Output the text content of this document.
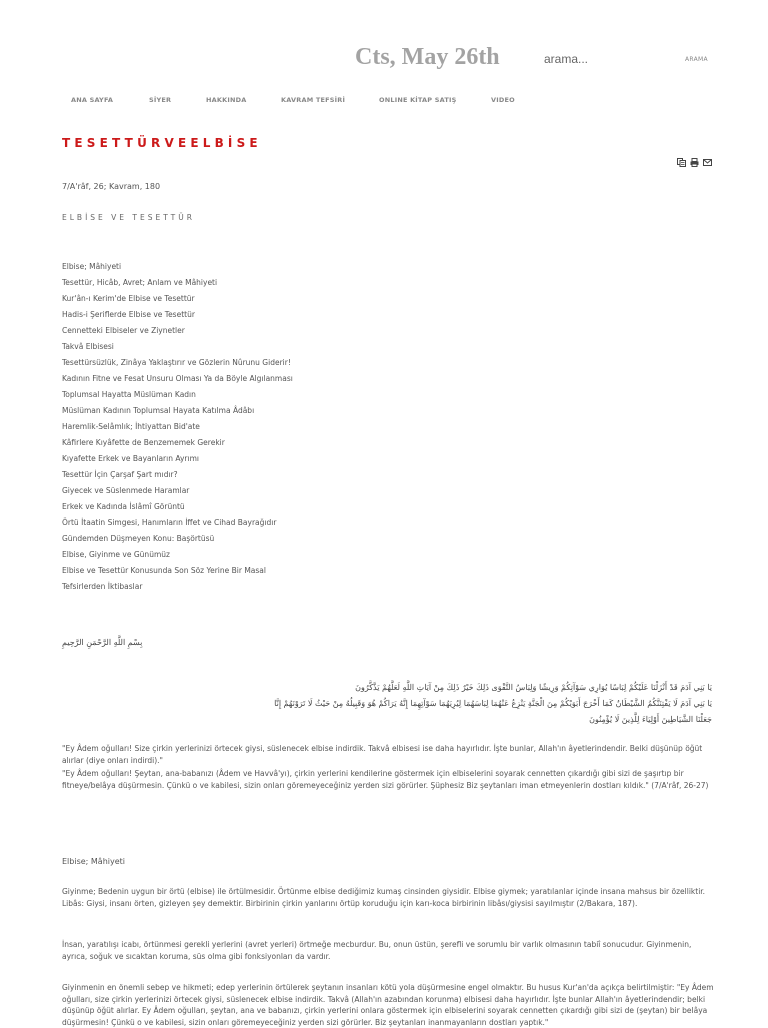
Cts, May 26th
arama...	ARAMA
ANA SAYFA	SİYER	HAKKINDA	KAVRAM TEFSİRİ	ONLINE KİTAP SATIŞ	VIDEO
TESETTÜRVEELBİSE
7/A'râf, 26; Kavram, 180
ELBİSE VE TESETTÜR
Elbise; Mâhiyeti
Tesettür, Hicâb, Avret; Anlam ve Mâhiyeti
Kur'ân-ı Kerim'de Elbise ve Tesettür
Hadis-i Şeriflerde Elbise ve Tesettür
Cennetteki Elbiseler ve Ziynetler
Takvâ Elbisesi
Tesettürsüzlük, Zinâya Yaklaştırır ve Gözlerin Nûrunu Giderir!
Kadının Fitne ve Fesat Unsuru Olması Ya da Böyle Algılanması
Toplumsal Hayatta Müslüman Kadın
Müslüman Kadının Toplumsal Hayata Katılma Âdâbı
Haremlik-Selâmlık; İhtiyattan Bid'ate
Kâfirlere Kıyâfette de Benzememek Gerekir
Kıyafette Erkek ve Bayanların Ayrımı
Tesettür İçin Çarşaf Şart mıdır?
Giyecek ve Süslenmede Haramlar
Erkek ve Kadında İslâmî Görüntü
Örtü İtaatin Simgesi, Hanımların İffet ve Cihad Bayrağıdır
Gündemden Düşmeyen Konu: Başörtüsü
Elbise, Giyinme ve Günümüz
Elbise ve Tesettür Konusunda Son Söz Yerine Bir Masal
Tefsirlerden İktibaslar
بِسْمِ اللَّهِ الرَّحْمَنِ الرَّحِيمِ

يَا بَنِي آدَمَ قَدْ أَنْزَلْنَا عَلَيْكُمْ لِبَاسًا يُوَارِي سَوْآتِكُمْ وَرِيشًا وَلِبَاسُ التَّقْوَى ذَلِكَ خَيْرٌ ذَلِكَ مِنْ آيَاتِ اللَّهِ لَعَلَّهُمْ يَذَّكَّرُونَ

يَا بَنِي آدَمَ لَا يَفْتِنَنَّكُمُ الشَّيْطَانُ كَمَا أَخْرَجَ أَبَوَيْكُمْ مِنَ الْجَنَّةِ يَنْزِعُ عَنْهُمَا لِبَاسَهُمَا لِيُرِيَهُمَا سَوْآتِهِمَا إِنَّهُ يَرَاكُمْ هُوَ وَقَبِيلُهُ مِنْ حَيْثُ لَا تَرَوْنَهُمْ إِنَّا

جَعَلْنَا الشَّيَاطِينَ أَوْلِيَاءَ لِلَّذِينَ لَا يُؤْمِنُونَ

"Ey Âdem oğulları! Size çirkin yerlerinizi örtecek giysi, süslenecek elbise indirdik. Takvâ elbisesi ise daha hayırlıdır. İşte bunlar, Allah'ın âyetlerindendir. Belki düşünüp öğüt alırlar (diye onları indirdi)."

"Ey Âdem oğulları! Şeytan, ana-babanızı (Âdem ve Havvâ'yı), çirkin yerlerini kendilerine göstermek için elbiselerini soyarak cennetten çıkardığı gibi sizi de şaşırtıp bir fitneye/belâya düşürmesin. Çünkü o ve kabilesi, sizin onları göremeyeceğiniz yerden sizi görürler. Şüphesiz Biz şeytanları iman etmeyenlerin dostları kıldık." (7/A'râf, 26-27)

Elbise; Mâhiyeti

Giyinme; Bedenin uygun bir örtü (elbise) ile örtülmesidir. Örtünme elbise dediğimiz kumaş cinsinden giysidir. Elbise giymek; yaratılanlar içinde insana mahsus bir özelliktir. Libâs: Giysi, insanı örten, gizleyen şey demektir. Birbirinin çirkin yanlarını örtüp koruduğu için karı-koca birbirinin libâsı/giysisi sayılmıştır (2/Bakara, 187).

İnsan, yaratılışı icabı, örtünmesi gerekli yerlerini (avret yerleri) örtmeğe mecburdur. Bu, onun üstün, şerefli ve sorumlu bir varlık olmasının tabiî sonucudur. Giyinmenin, ayrıca, soğuk ve sıcaktan koruma, süs olma gibi fonksiyonları da vardır.

Giyinmenin en önemli sebep ve hikmeti; edep yerlerinin örtülerek şeytanın insanları kötü yola düşürmesine engel olmaktır. Bu husus Kur'an'da açıkça belirtilmiştir: "Ey Âdem oğulları, size çirkin yerlerinizi örtecek giysi, süslenecek elbise indirdik. Takvâ (Allah'ın azabından korunma) elbisesi daha hayırlıdır. İşte bunlar Allah'ın âyetlerindendir; belki düşünüp öğüt alırlar. Ey Âdem oğulları, şeytan, ana ve babanızı, çirkin yerlerini onlara göstermek için elbiselerini soyarak cennetten çıkardığı gibi sizi de (şeytan) bir belâya düşürmesin! Çünkü o ve kabilesi, sizin onları göremeyeceğiniz yerden sizi görürler. Biz şeytanları inanmayanların dostları yaptık."
